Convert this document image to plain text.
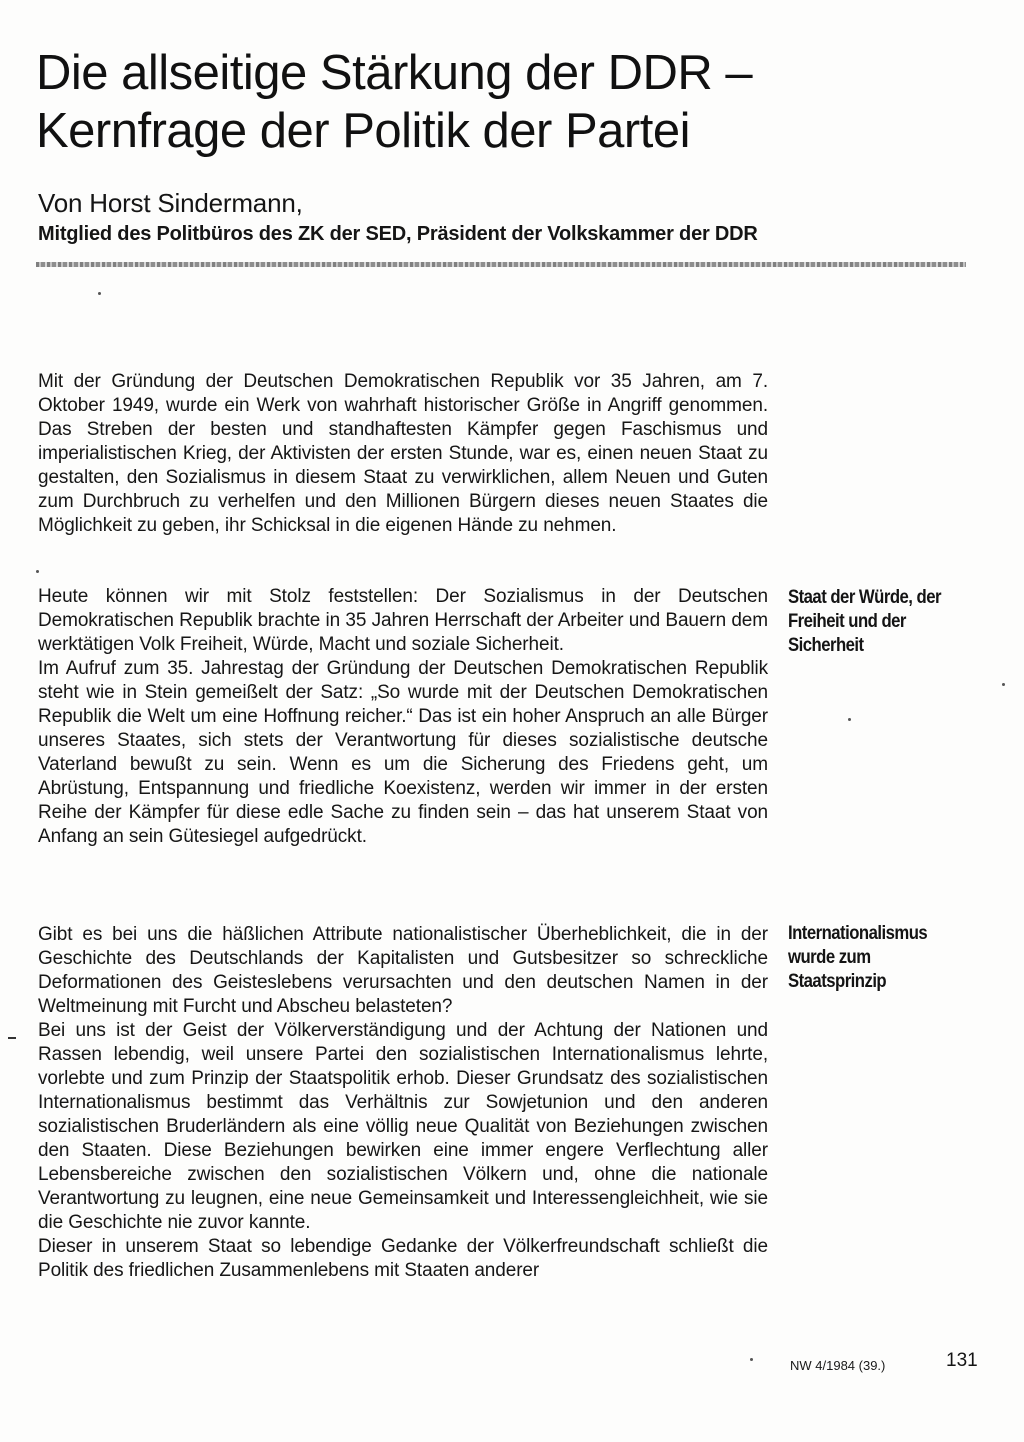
Die allseitige Stärkung der DDR –
Kernfrage der Politik der Partei
Von Horst Sindermann,
Mitglied des Politbüros des ZK der SED, Präsident der Volkskammer der DDR

Mit der Gründung der Deutschen Demokratischen Republik vor 35 Jahren, am 7. Oktober 1949, wurde ein Werk von wahrhaft historischer Größe in Angriff genommen. Das Streben der besten und standhaftesten Kämpfer gegen Faschismus und imperialistischen Krieg, der Aktivisten der ersten Stunde, war es, einen neuen Staat zu gestalten, den Sozialismus in diesem Staat zu verwirklichen, allem Neuen und Guten zum Durchbruch zu verhelfen und den Millionen Bürgern dieses neuen Staates die Möglichkeit zu geben, ihr Schicksal in die eigenen Hände zu nehmen.

Heute können wir mit Stolz feststellen: Der Sozialismus in der Deutschen Demokratischen Republik brachte in 35 Jahren Herrschaft der Arbeiter und Bauern dem werktätigen Volk Freiheit, Würde, Macht und soziale Sicherheit.

Im Aufruf zum 35. Jahrestag der Gründung der Deutschen Demokratischen Republik steht wie in Stein gemeißelt der Satz: „So wurde mit der Deutschen Demokratischen Republik die Welt um eine Hoffnung reicher.“ Das ist ein hoher Anspruch an alle Bürger unseres Staates, sich stets der Verantwortung für dieses sozialistische deutsche Vaterland bewußt zu sein. Wenn es um die Sicherung des Friedens geht, um Abrüstung, Entspannung und friedliche Koexistenz, werden wir immer in der ersten Reihe der Kämpfer für diese edle Sache zu finden sein – das hat unserem Staat von Anfang an sein Gütesiegel aufgedrückt.

Gibt es bei uns die häßlichen Attribute nationalistischer Überheblichkeit, die in der Geschichte des Deutschlands der Kapitalisten und Gutsbesitzer so schreckliche Deformationen des Geisteslebens verursachten und den deutschen Namen in der Weltmeinung mit Furcht und Abscheu belasteten?

Bei uns ist der Geist der Völkerverständigung und der Achtung der Nationen und Rassen lebendig, weil unsere Partei den sozialistischen Internationalismus lehrte, vorlebte und zum Prinzip der Staatspolitik erhob. Dieser Grundsatz des sozialistischen Internationalismus bestimmt das Verhältnis zur Sowjetunion und den anderen sozialistischen Bruderländern als eine völlig neue Qualität von Beziehungen zwischen den Staaten. Diese Beziehungen bewirken eine immer engere Verflechtung aller Lebensbereiche zwischen den sozialistischen Völkern und, ohne die nationale Verantwortung zu leugnen, eine neue Gemeinsamkeit und Interessengleichheit, wie sie die Geschichte nie zuvor kannte.

Dieser in unserem Staat so lebendige Gedanke der Völkerfreundschaft schließt die Politik des friedlichen Zusammenlebens mit Staaten anderer

Staat der Würde, der Freiheit und der Sicherheit
Internationalismus wurde zum Staatsprinzip
NW 4/1984 (39.)	131
